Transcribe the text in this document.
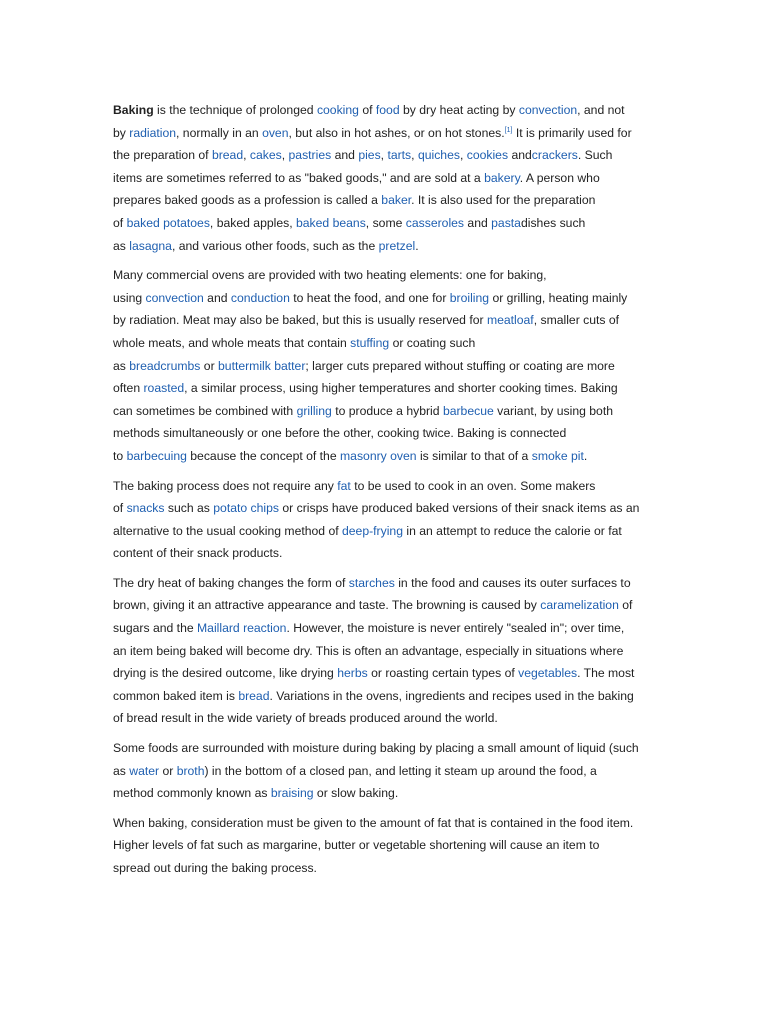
Baking is the technique of prolonged cooking of food by dry heat acting by convection, and not
by radiation, normally in an oven, but also in hot ashes, or on hot stones.[1] It is primarily used for
the preparation of bread, cakes, pastries and pies, tarts, quiches, cookies andcrackers. Such
items are sometimes referred to as "baked goods," and are sold at a bakery. A person who
prepares baked goods as a profession is called a baker. It is also used for the preparation
of baked potatoes, baked apples, baked beans, some casseroles and pastadishes such
as lasagna, and various other foods, such as the pretzel.

Many commercial ovens are provided with two heating elements: one for baking,
using convection and conduction to heat the food, and one for broiling or grilling, heating mainly
by radiation. Meat may also be baked, but this is usually reserved for meatloaf, smaller cuts of
whole meats, and whole meats that contain stuffing or coating such
as breadcrumbs or buttermilk batter; larger cuts prepared without stuffing or coating are more
often roasted, a similar process, using higher temperatures and shorter cooking times. Baking
can sometimes be combined with grilling to produce a hybrid barbecue variant, by using both
methods simultaneously or one before the other, cooking twice. Baking is connected
to barbecuing because the concept of the masonry oven is similar to that of a smoke pit.

The baking process does not require any fat to be used to cook in an oven. Some makers
of snacks such as potato chips or crisps have produced baked versions of their snack items as an
alternative to the usual cooking method of deep-frying in an attempt to reduce the calorie or fat
content of their snack products.

The dry heat of baking changes the form of starches in the food and causes its outer surfaces to
brown, giving it an attractive appearance and taste. The browning is caused by caramelization of
sugars and the Maillard reaction. However, the moisture is never entirely "sealed in"; over time,
an item being baked will become dry. This is often an advantage, especially in situations where
drying is the desired outcome, like drying herbs or roasting certain types of vegetables. The most
common baked item is bread. Variations in the ovens, ingredients and recipes used in the baking
of bread result in the wide variety of breads produced around the world.

Some foods are surrounded with moisture during baking by placing a small amount of liquid (such
as water or broth) in the bottom of a closed pan, and letting it steam up around the food, a
method commonly known as braising or slow baking.

When baking, consideration must be given to the amount of fat that is contained in the food item.
Higher levels of fat such as margarine, butter or vegetable shortening will cause an item to
spread out during the baking process.
